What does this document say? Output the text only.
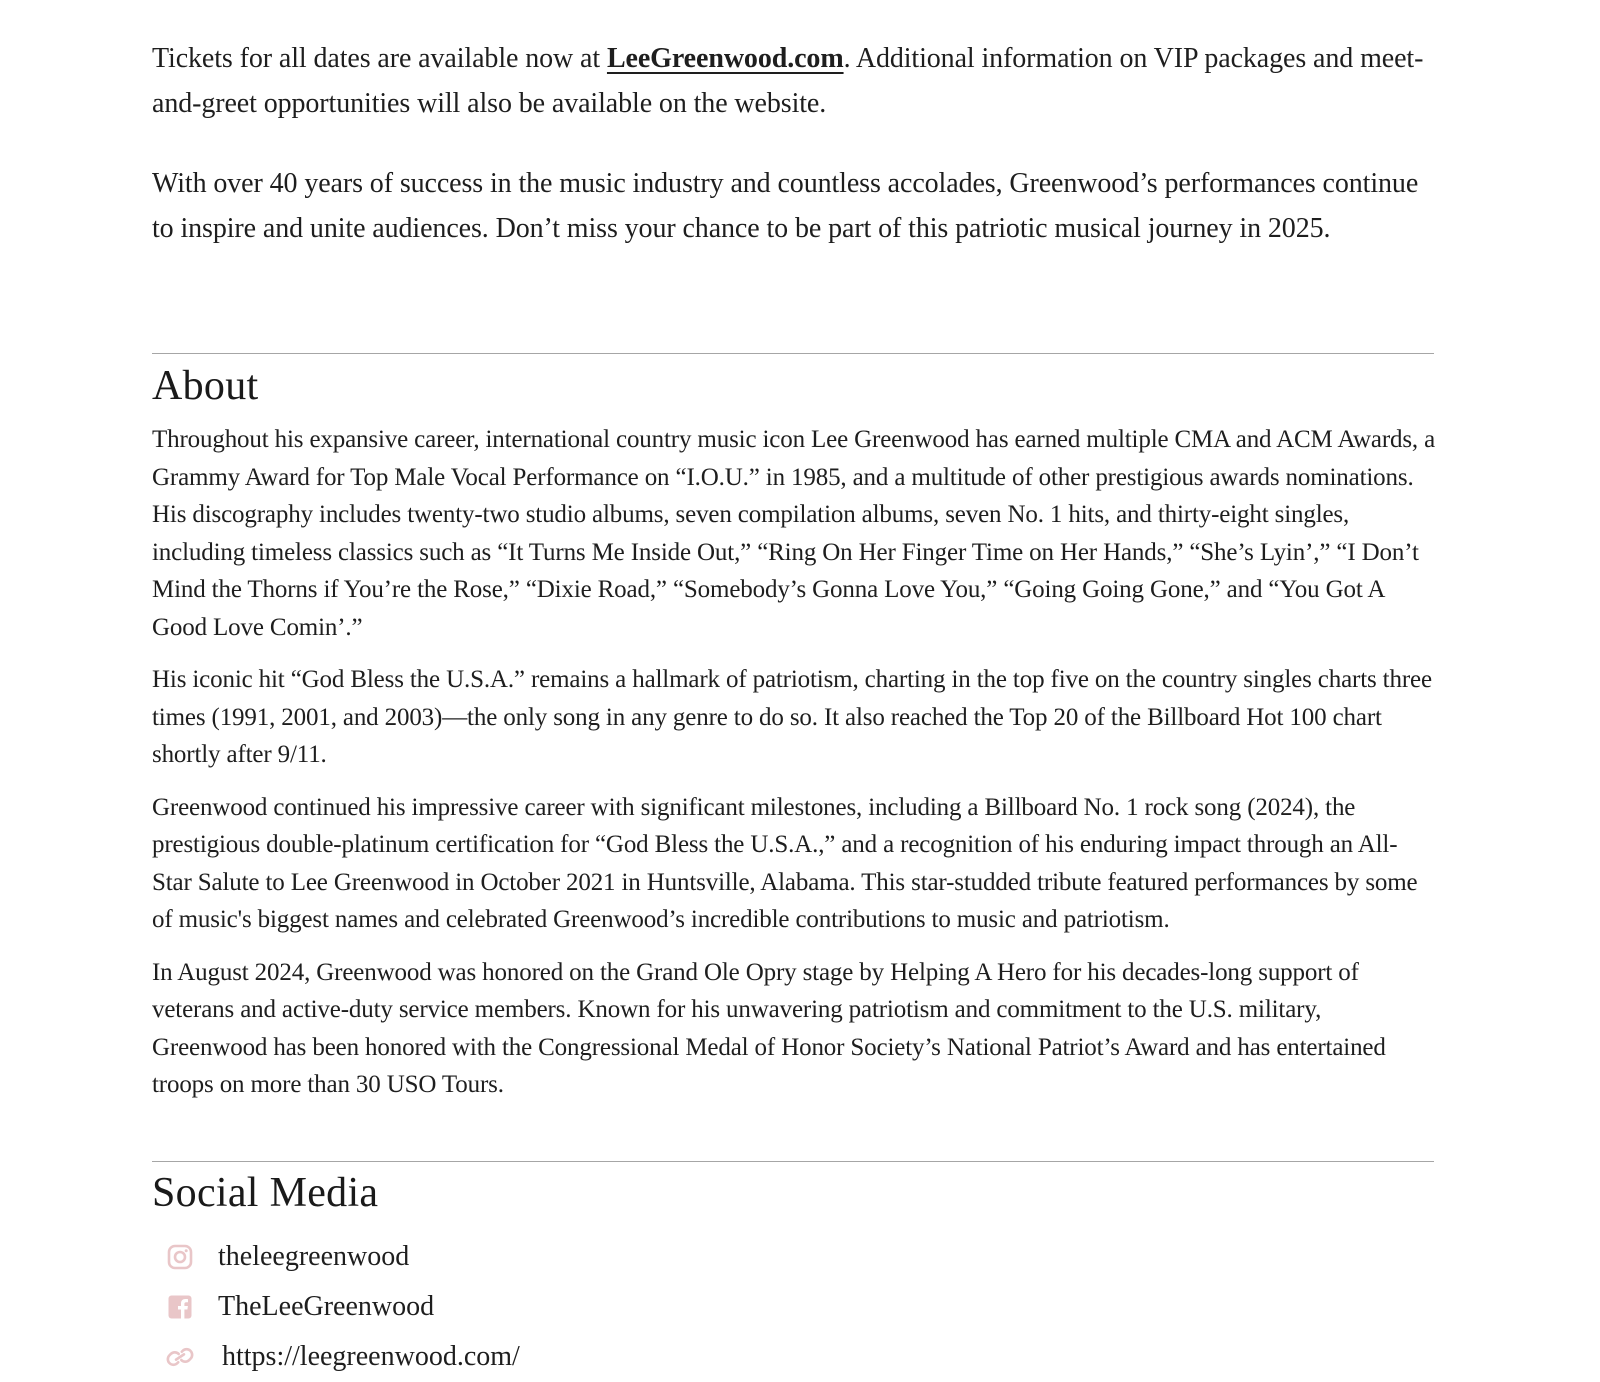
Tickets for all dates are available now at LeeGreenwood.com. Additional information on VIP packages and meet-and-greet opportunities will also be available on the website.

With over 40 years of success in the music industry and countless accolades, Greenwood’s performances continue to inspire and unite audiences. Don’t miss your chance to be part of this patriotic musical journey in 2025.

About

Throughout his expansive career, international country music icon Lee Greenwood has earned multiple CMA and ACM Awards, a Grammy Award for Top Male Vocal Performance on “I.O.U.” in 1985, and a multitude of other prestigious awards nominations. His discography includes twenty-two studio albums, seven compilation albums, seven No. 1 hits, and thirty-eight singles, including timeless classics such as “It Turns Me Inside Out,” “Ring On Her Finger Time on Her Hands,” “She’s Lyin’,” “I Don’t Mind the Thorns if You’re the Rose,” “Dixie Road,” “Somebody’s Gonna Love You,” “Going Going Gone,” and “You Got A Good Love Comin’.”

His iconic hit “God Bless the U.S.A.” remains a hallmark of patriotism, charting in the top five on the country singles charts three times (1991, 2001, and 2003)—the only song in any genre to do so. It also reached the Top 20 of the Billboard Hot 100 chart shortly after 9/11.

Greenwood continued his impressive career with significant milestones, including a Billboard No. 1 rock song (2024), the prestigious double-platinum certification for “God Bless the U.S.A.,” and a recognition of his enduring impact through an All-Star Salute to Lee Greenwood in October 2021 in Huntsville, Alabama. This star-studded tribute featured performances by some of music's biggest names and celebrated Greenwood’s incredible contributions to music and patriotism.

In August 2024, Greenwood was honored on the Grand Ole Opry stage by Helping A Hero for his decades-long support of veterans and active-duty service members. Known for his unwavering patriotism and commitment to the U.S. military, Greenwood has been honored with the Congressional Medal of Honor Society’s National Patriot’s Award and has entertained troops on more than 30 USO Tours.

Social Media
theleegreenwood
TheLeeGreenwood
https://leegreenwood.com/
